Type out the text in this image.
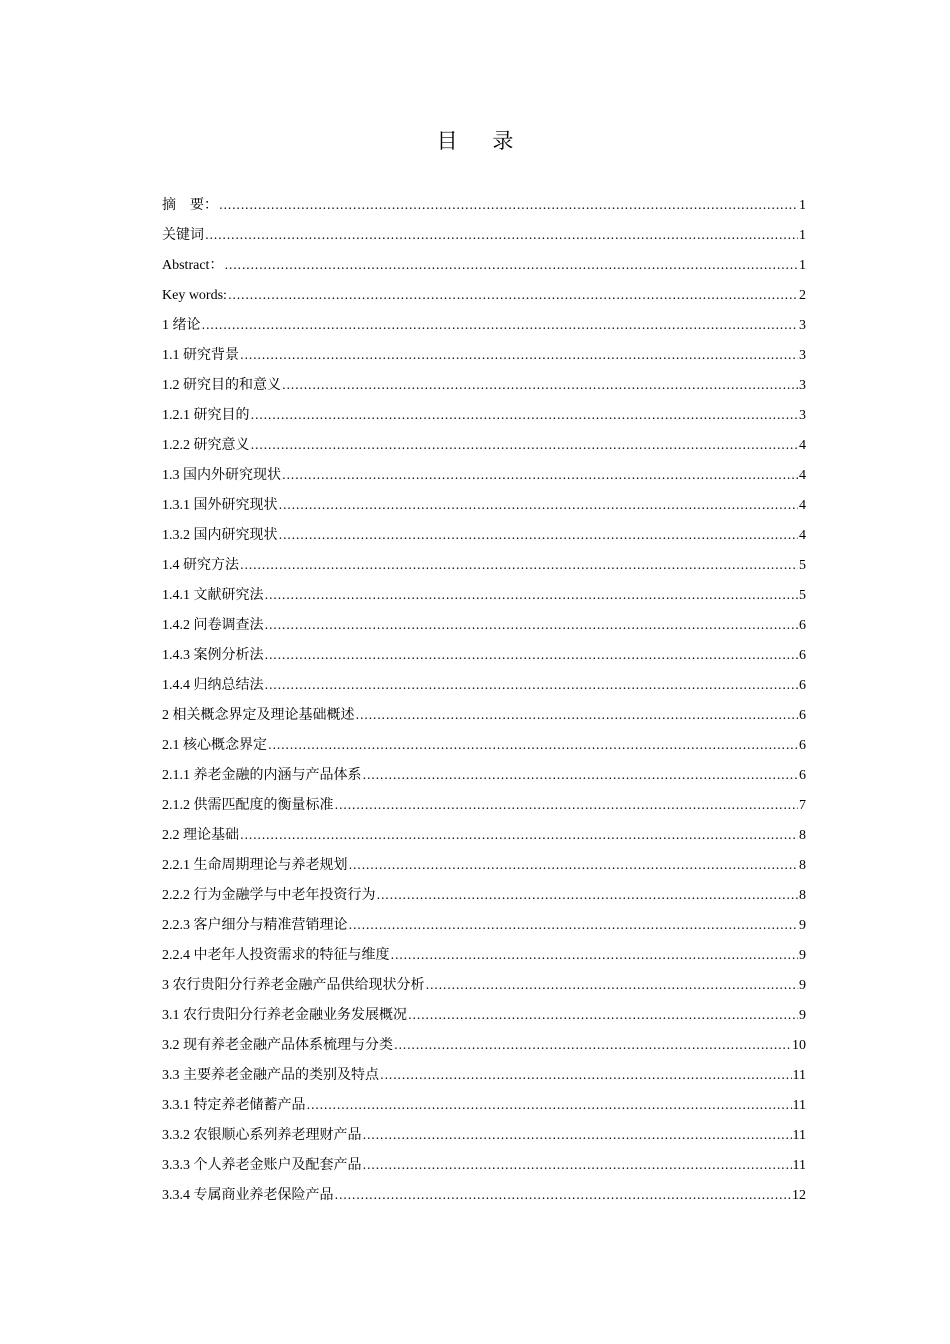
目 录
摘　要： .....	1
关键词 .....	1
Abstract： .....	1
Key words: .....	2
1 绪论 .....	3
1.1 研究背景 .....	3
1.2 研究目的和意义 .....	3
1.2.1 研究目的 .....	3
1.2.2 研究意义 .....	4
1.3 国内外研究现状 .....	4
1.3.1 国外研究现状 .....	4
1.3.2 国内研究现状 .....	4
1.4 研究方法 .....	5
1.4.1 文献研究法 .....	5
1.4.2 问卷调查法 .....	6
1.4.3 案例分析法 .....	6
1.4.4 归纳总结法 .....	6
2 相关概念界定及理论基础概述 .....	6
2.1 核心概念界定 .....	6
2.1.1 养老金融的内涵与产品体系 .....	6
2.1.2 供需匹配度的衡量标准 .....	7
2.2 理论基础 .....	8
2.2.1 生命周期理论与养老规划 .....	8
2.2.2 行为金融学与中老年投资行为 .....	8
2.2.3 客户细分与精准营销理论 .....	9
2.2.4 中老年人投资需求的特征与维度 .....	9
3 农行贵阳分行养老金融产品供给现状分析 .....	9
3.1 农行贵阳分行养老金融业务发展概况 .....	9
3.2 现有养老金融产品体系梳理与分类 .....	10
3.3 主要养老金融产品的类别及特点 .....	11
3.3.1 特定养老储蓄产品 .....	11
3.3.2 农银顺心系列养老理财产品 .....	11
3.3.3 个人养老金账户及配套产品 .....	11
3.3.4 专属商业养老保险产品 .....	12
